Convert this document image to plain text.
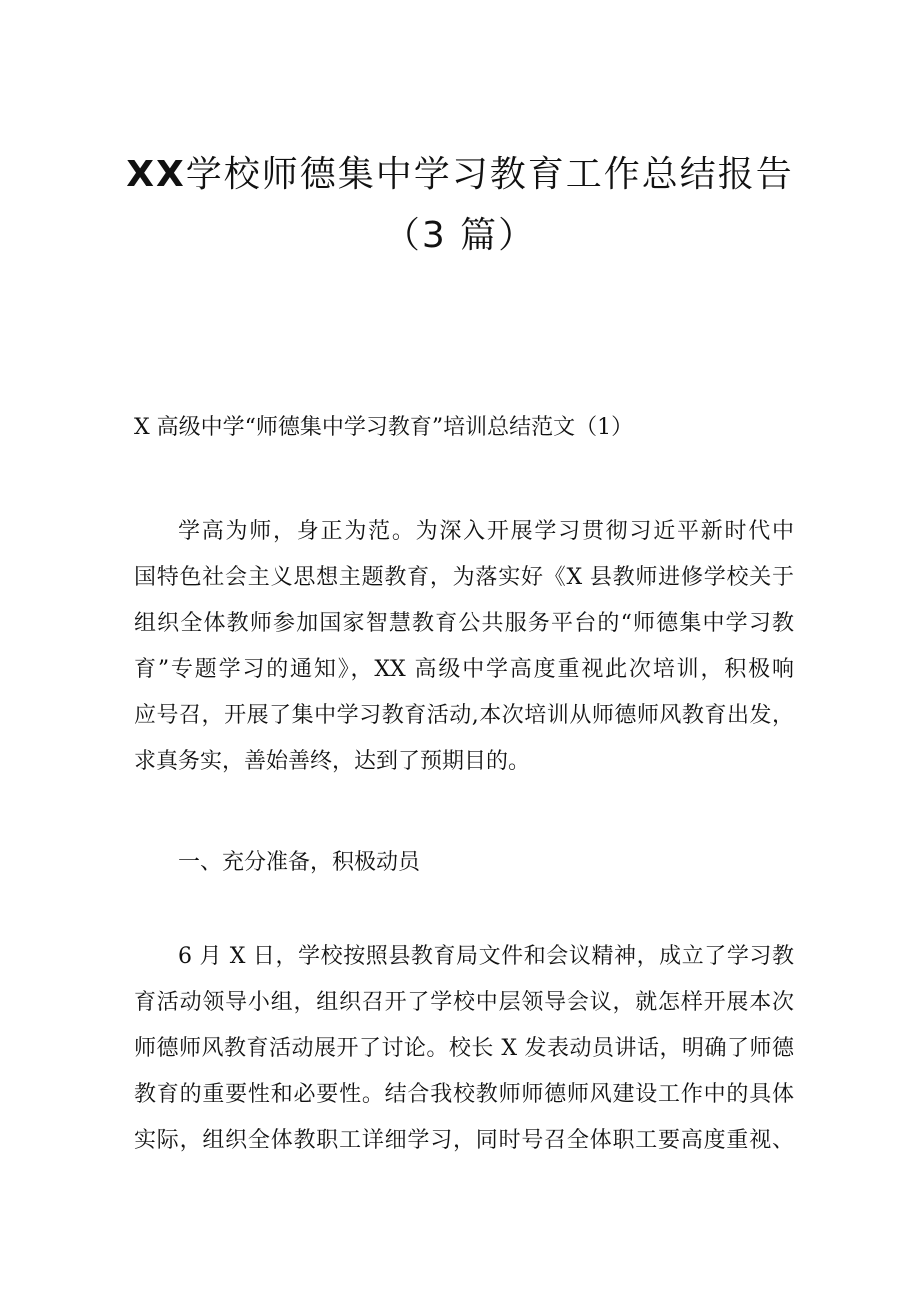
XX学校师德集中学习教育工作总结报告
（3 篇）

X 高级中学“师德集中学习教育”培训总结范文（1）

学高为师，身正为范。为深入开展学习贯彻习近平新时代中
国特色社会主义思想主题教育，为落实好《X 县教师进修学校关于
组织全体教师参加国家智慧教育公共服务平台的“师德集中学习教
育”专题学习的通知》，XX 高级中学高度重视此次培训，积极响
应号召，开展了集中学习教育活动,本次培训从师德师风教育出发，
求真务实，善始善终，达到了预期目的。

一、充分准备，积极动员

6 月 X 日，学校按照县教育局文件和会议精神，成立了学习教
育活动领导小组，组织召开了学校中层领导会议，就怎样开展本次
师德师风教育活动展开了讨论。校长 X 发表动员讲话，明确了师德
教育的重要性和必要性。结合我校教师师德师风建设工作中的具体
实际，组织全体教职工详细学习，同时号召全体职工要高度重视、
